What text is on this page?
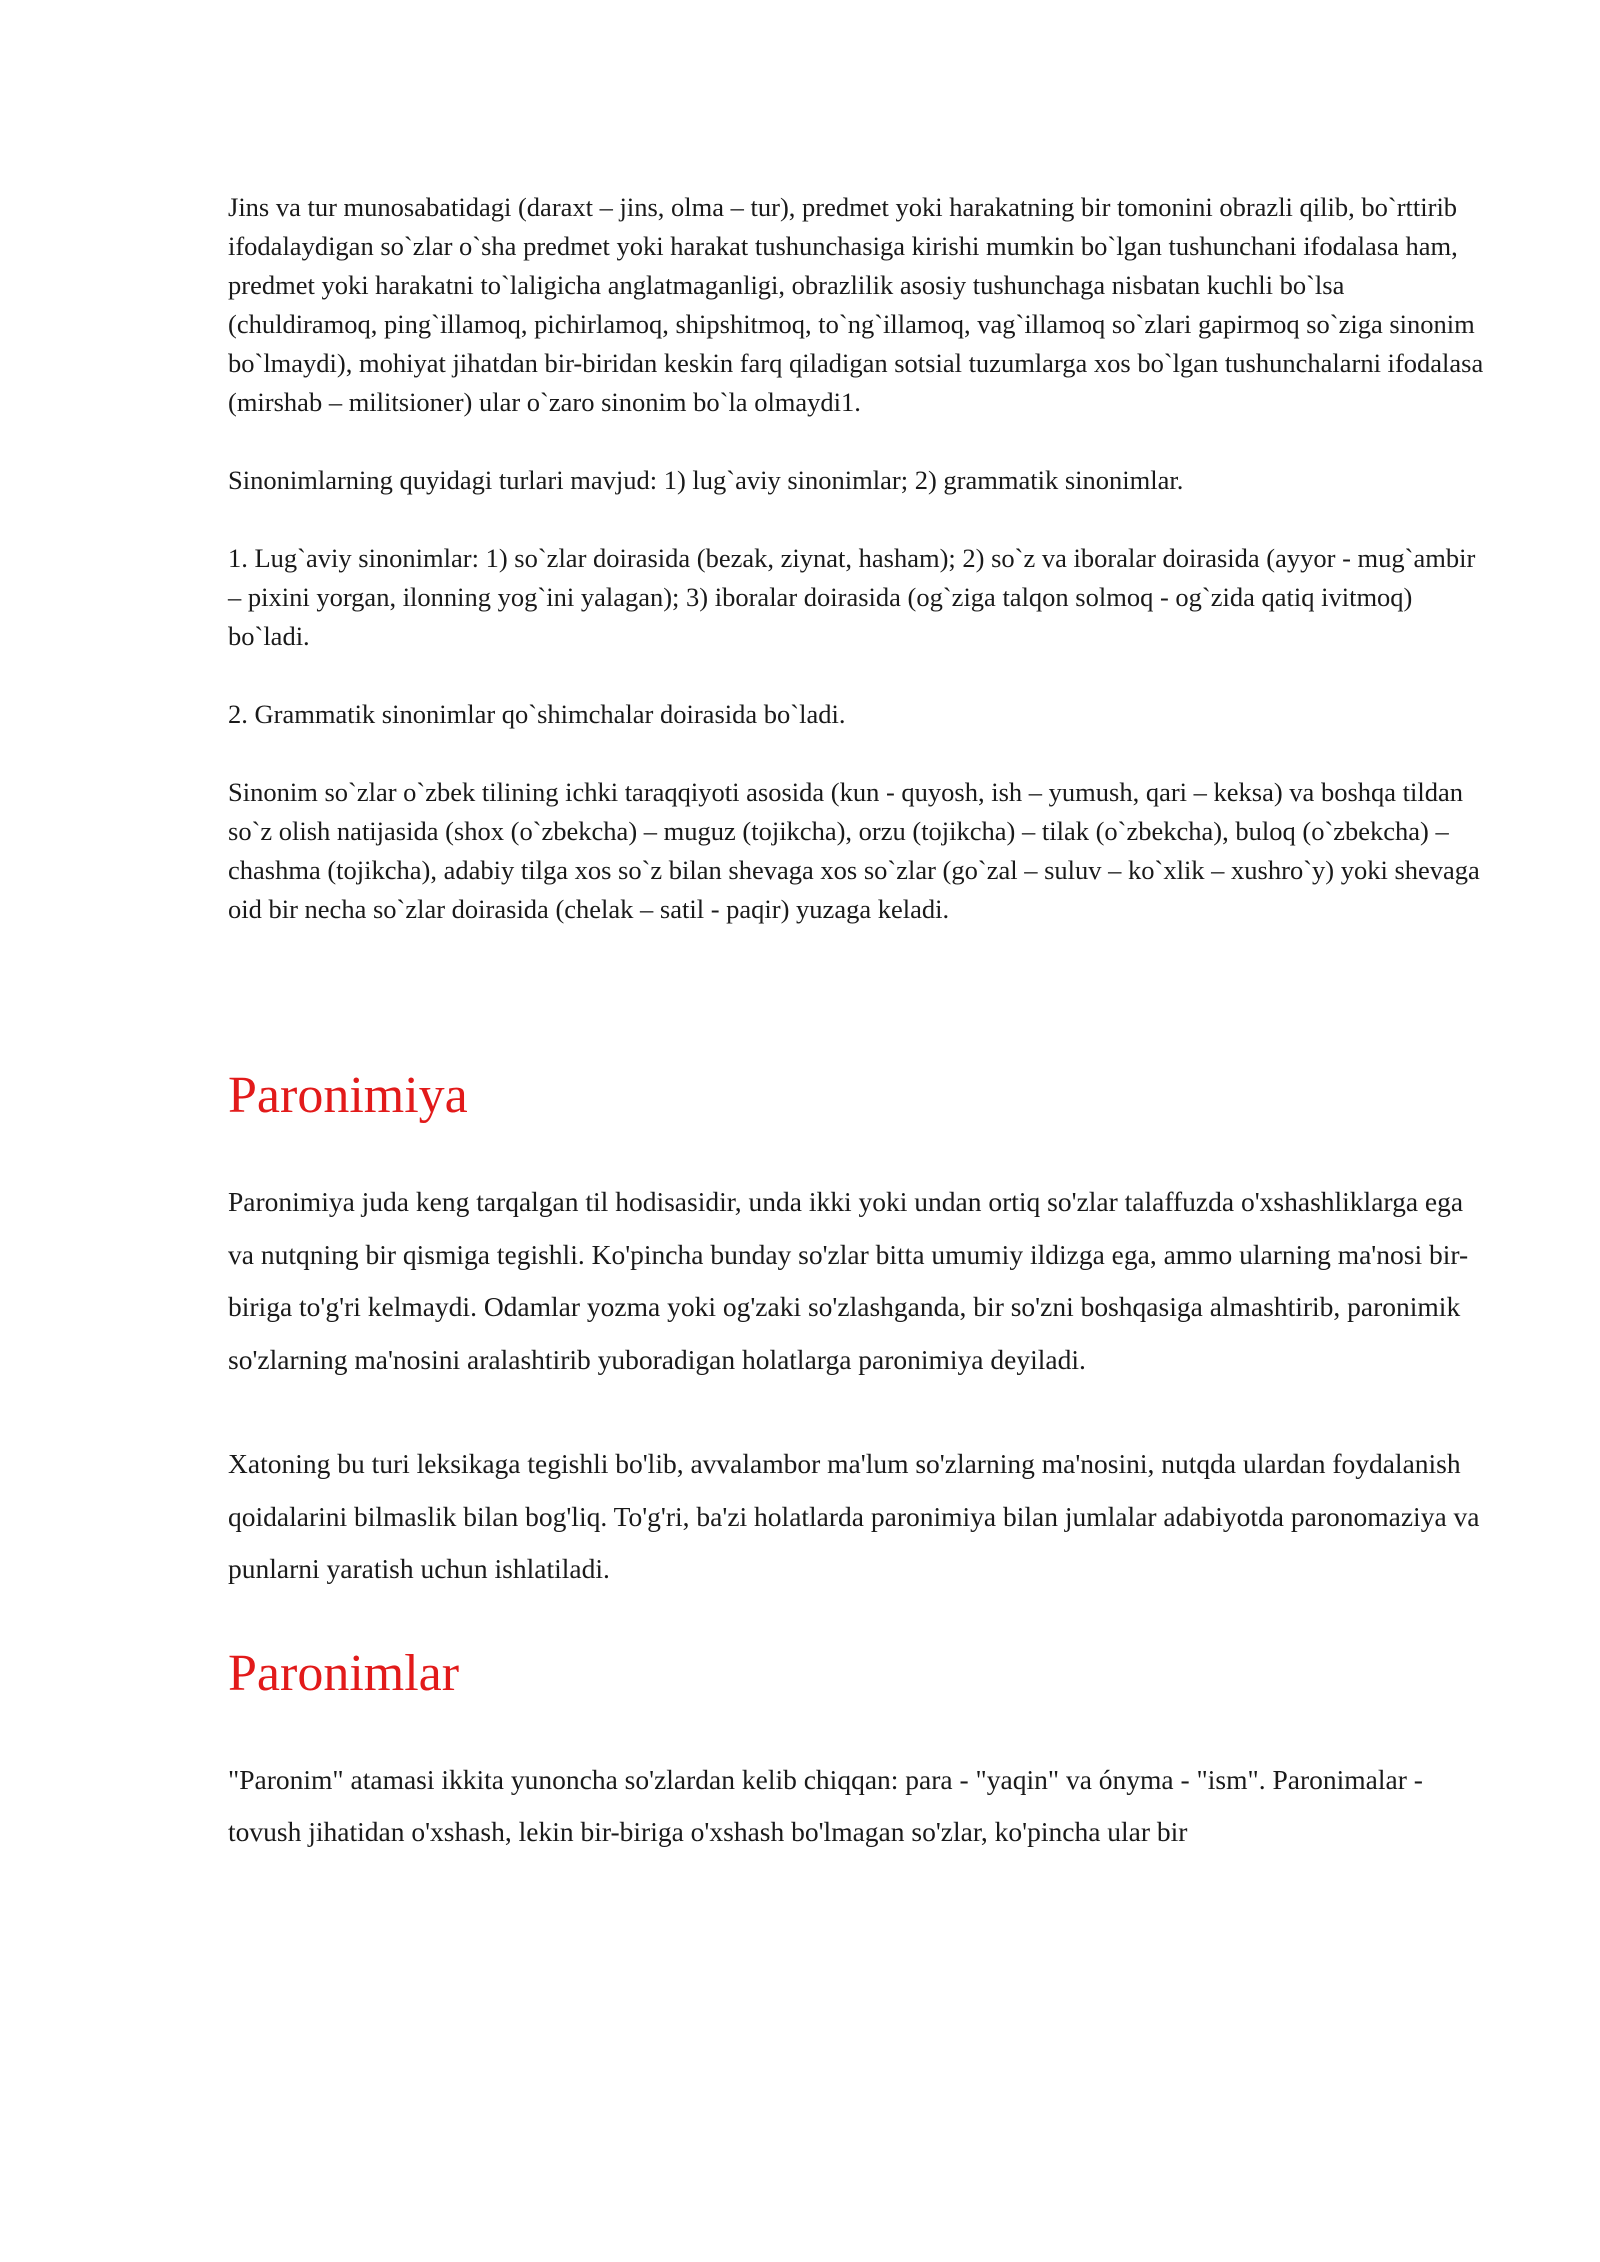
Jins va tur munosabatidagi (daraxt – jins, olma – tur), predmet yoki harakatning bir tomonini obrazli qilib, bo`rttirib ifodalaydigan so`zlar o`sha predmet yoki harakat tushunchasiga kirishi mumkin bo`lgan tushunchani ifodalasa ham, predmet yoki harakatni to`laligicha anglatmaganligi, obrazlilik asosiy tushunchaga nisbatan kuchli bo`lsa (chuldiramoq, ping`illamoq, pichirlamoq, shipshitmoq, to`ng`illamoq, vag`illamoq so`zlari gapirmoq so`ziga sinonim bo`lmaydi), mohiyat jihatdan bir-biridan keskin farq qiladigan sotsial tuzumlarga xos bo`lgan tushunchalarni ifodalasa (mirshab – militsioner) ular o`zaro sinonim bo`la olmaydi1.

Sinonimlarning quyidagi turlari mavjud: 1) lug`aviy sinonimlar; 2) grammatik sinonimlar.

1. Lug`aviy sinonimlar: 1) so`zlar doirasida (bezak, ziynat, hasham); 2) so`z va iboralar doirasida (ayyor - mug`ambir – pixini yorgan, ilonning yog`ini yalagan); 3) iboralar doirasida (og`ziga talqon solmoq - og`zida qatiq ivitmoq) bo`ladi.

2. Grammatik sinonimlar qo`shimchalar doirasida bo`ladi.

Sinonim so`zlar o`zbek tilining ichki taraqqiyoti asosida (kun - quyosh, ish – yumush, qari – keksa) va boshqa tildan so`z olish natijasida (shox (o`zbekcha) – muguz (tojikcha), orzu (tojikcha) – tilak (o`zbekcha), buloq (o`zbekcha) – chashma (tojikcha), adabiy tilga xos so`z bilan shevaga xos so`zlar (go`zal – suluv – ko`xlik – xushro`y) yoki shevaga oid bir necha so`zlar doirasida (chelak – satil - paqir) yuzaga keladi.

Paronimiya

Paronimiya juda keng tarqalgan til hodisasidir, unda ikki yoki undan ortiq so'zlar talaffuzda o'xshashliklarga ega va nutqning bir qismiga tegishli. Ko'pincha bunday so'zlar bitta umumiy ildizga ega, ammo ularning ma'nosi bir-biriga to'g'ri kelmaydi. Odamlar yozma yoki og'zaki so'zlashganda, bir so'zni boshqasiga almashtirib, paronimik so'zlarning ma'nosini aralashtirib yuboradigan holatlarga paronimiya deyiladi.

Xatoning bu turi leksikaga tegishli bo'lib, avvalambor ma'lum so'zlarning ma'nosini, nutqda ulardan foydalanish qoidalarini bilmaslik bilan bog'liq. To'g'ri, ba'zi holatlarda paronimiya bilan jumlalar adabiyotda paronomaziya va punlarni yaratish uchun ishlatiladi.

Paronimlar

"Paronim" atamasi ikkita yunoncha so'zlardan kelib chiqqan: para - "yaqin" va ónyma - "ism". Paronimalar - tovush jihatidan o'xshash, lekin bir-biriga o'xshash bo'lmagan so'zlar, ko'pincha ular bir
